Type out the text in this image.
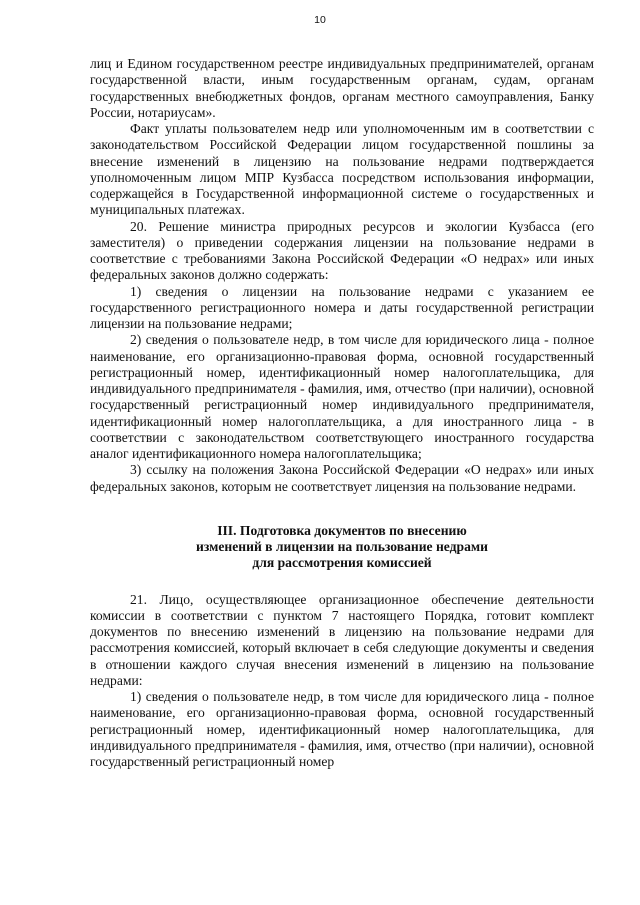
10

лиц и Едином государственном реестре индивидуальных предпринимателей, органам государственной власти, иным государственным органам, судам, органам государственных внебюджетных фондов, органам местного самоуправления, Банку России, нотариусам».

Факт уплаты пользователем недр или уполномоченным им в соответствии с законодательством Российской Федерации лицом государственной пошлины за внесение изменений в лицензию на пользование недрами подтверждается уполномоченным лицом МПР Кузбасса посредством использования информации, содержащейся в Государственной информационной системе о государственных и муниципальных платежах.

20. Решение министра природных ресурсов и экологии Кузбасса (его заместителя) о приведении содержания лицензии на пользование недрами в соответствие с требованиями Закона Российской Федерации «О недрах» или иных федеральных законов должно содержать:

1) сведения о лицензии на пользование недрами с указанием ее государственного регистрационного номера и даты государственной регистрации лицензии на пользование недрами;

2) сведения о пользователе недр, в том числе для юридического лица - полное наименование, его организационно-правовая форма, основной государственный регистрационный номер, идентификационный номер налогоплательщика, для индивидуального предпринимателя - фамилия, имя, отчество (при наличии), основной государственный регистрационный номер индивидуального предпринимателя, идентификационный номер налогоплательщика, а для иностранного лица - в соответствии с законодательством соответствующего иностранного государства аналог идентификационного номера налогоплательщика;

3) ссылку на положения Закона Российской Федерации «О недрах» или иных федеральных законов, которым не соответствует лицензия на пользование недрами.

III. Подготовка документов по внесению
изменений в лицензии на пользование недрами
для рассмотрения комиссией

21. Лицо, осуществляющее организационное обеспечение деятельности комиссии в соответствии с пунктом 7 настоящего Порядка, готовит комплект документов по внесению изменений в лицензию на пользование недрами для рассмотрения комиссией, который включает в себя следующие документы и сведения в отношении каждого случая внесения изменений в лицензию на пользование недрами:

1) сведения о пользователе недр, в том числе для юридического лица - полное наименование, его организационно-правовая форма, основной государственный регистрационный номер, идентификационный номер налогоплательщика, для индивидуального предпринимателя - фамилия, имя, отчество (при наличии), основной государственный регистрационный номер
